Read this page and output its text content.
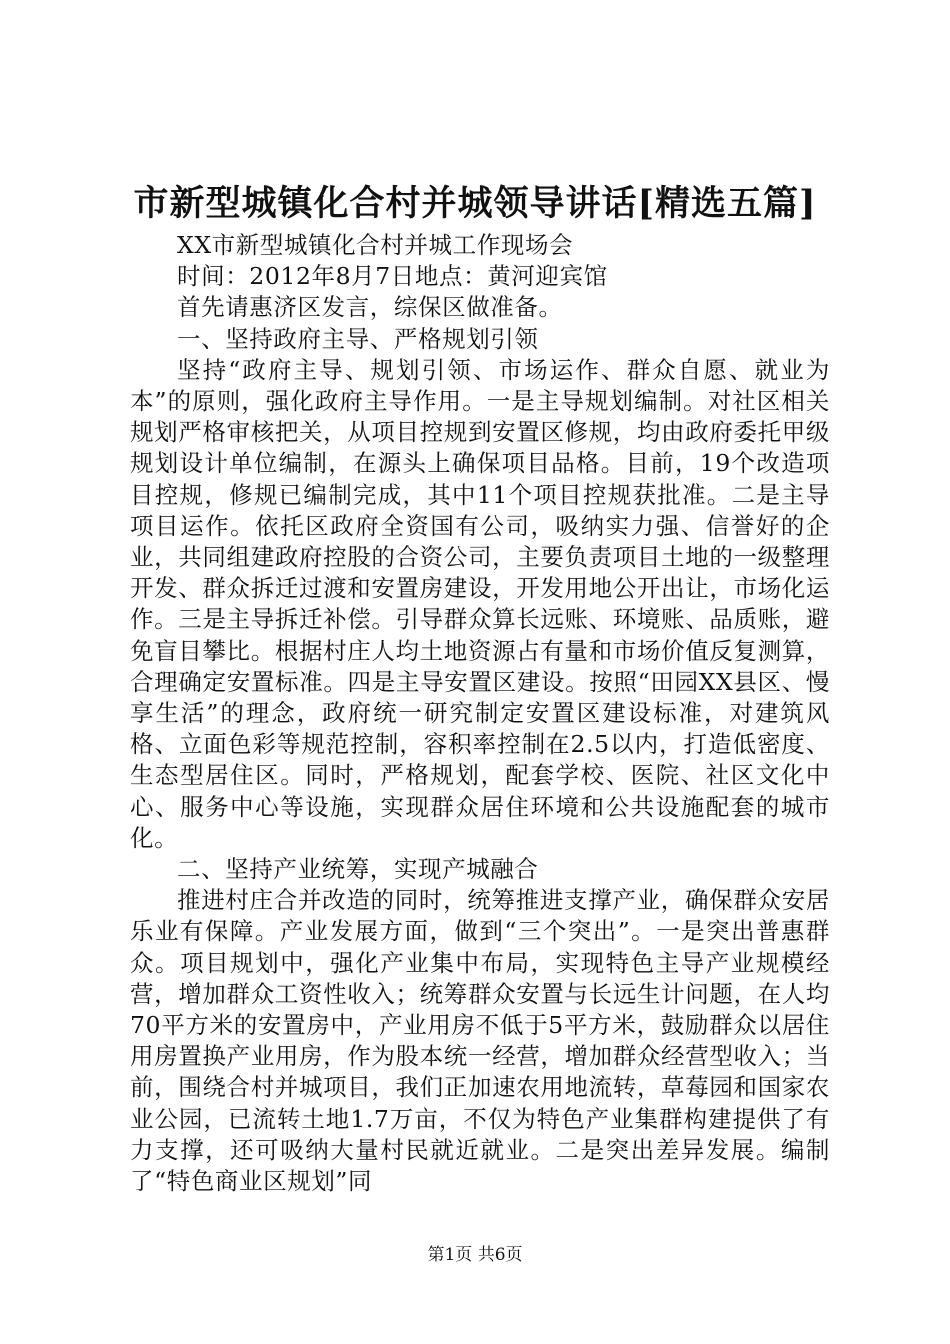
市新型城镇化合村并城领导讲话[精选五篇]

XX市新型城镇化合村并城工作现场会

时间：2012年8月7日地点：黄河迎宾馆

首先请惠济区发言，综保区做准备。

一、坚持政府主导、严格规划引领

坚持“政府主导、规划引领、市场运作、群众自愿、就业为本”的原则，强化政府主导作用。一是主导规划编制。对社区相关规划严格审核把关，从项目控规到安置区修规，均由政府委托甲级规划设计单位编制，在源头上确保项目品格。目前，19个改造项目控规，修规已编制完成，其中11个项目控规获批准。二是主导项目运作。依托区政府全资国有公司，吸纳实力强、信誉好的企业，共同组建政府控股的合资公司，主要负责项目土地的一级整理开发、群众拆迁过渡和安置房建设，开发用地公开出让，市场化运作。三是主导拆迁补偿。引导群众算长远账、环境账、品质账，避免盲目攀比。根据村庄人均土地资源占有量和市场价值反复测算，合理确定安置标准。四是主导安置区建设。按照“田园XX县区、慢享生活”的理念，政府统一研究制定安置区建设标准，对建筑风格、立面色彩等规范控制，容积率控制在2.5以内，打造低密度、生态型居住区。同时，严格规划，配套学校、医院、社区文化中心、服务中心等设施，实现群众居住环境和公共设施配套的城市化。

二、坚持产业统筹，实现产城融合

推进村庄合并改造的同时，统筹推进支撑产业，确保群众安居乐业有保障。产业发展方面，做到“三个突出”。一是突出普惠群众。项目规划中，强化产业集中布局，实现特色主导产业规模经营，增加群众工资性收入；统筹群众安置与长远生计问题，在人均70平方米的安置房中，产业用房不低于5平方米，鼓励群众以居住用房置换产业用房，作为股本统一经营，增加群众经营型收入；当前，围绕合村并城项目，我们正加速农用地流转，草莓园和国家农业公园，已流转土地1.7万亩，不仅为特色产业集群构建提供了有力支撑，还可吸纳大量村民就近就业。二是突出差异发展。编制了“特色商业区规划”同

第1页 共6页
